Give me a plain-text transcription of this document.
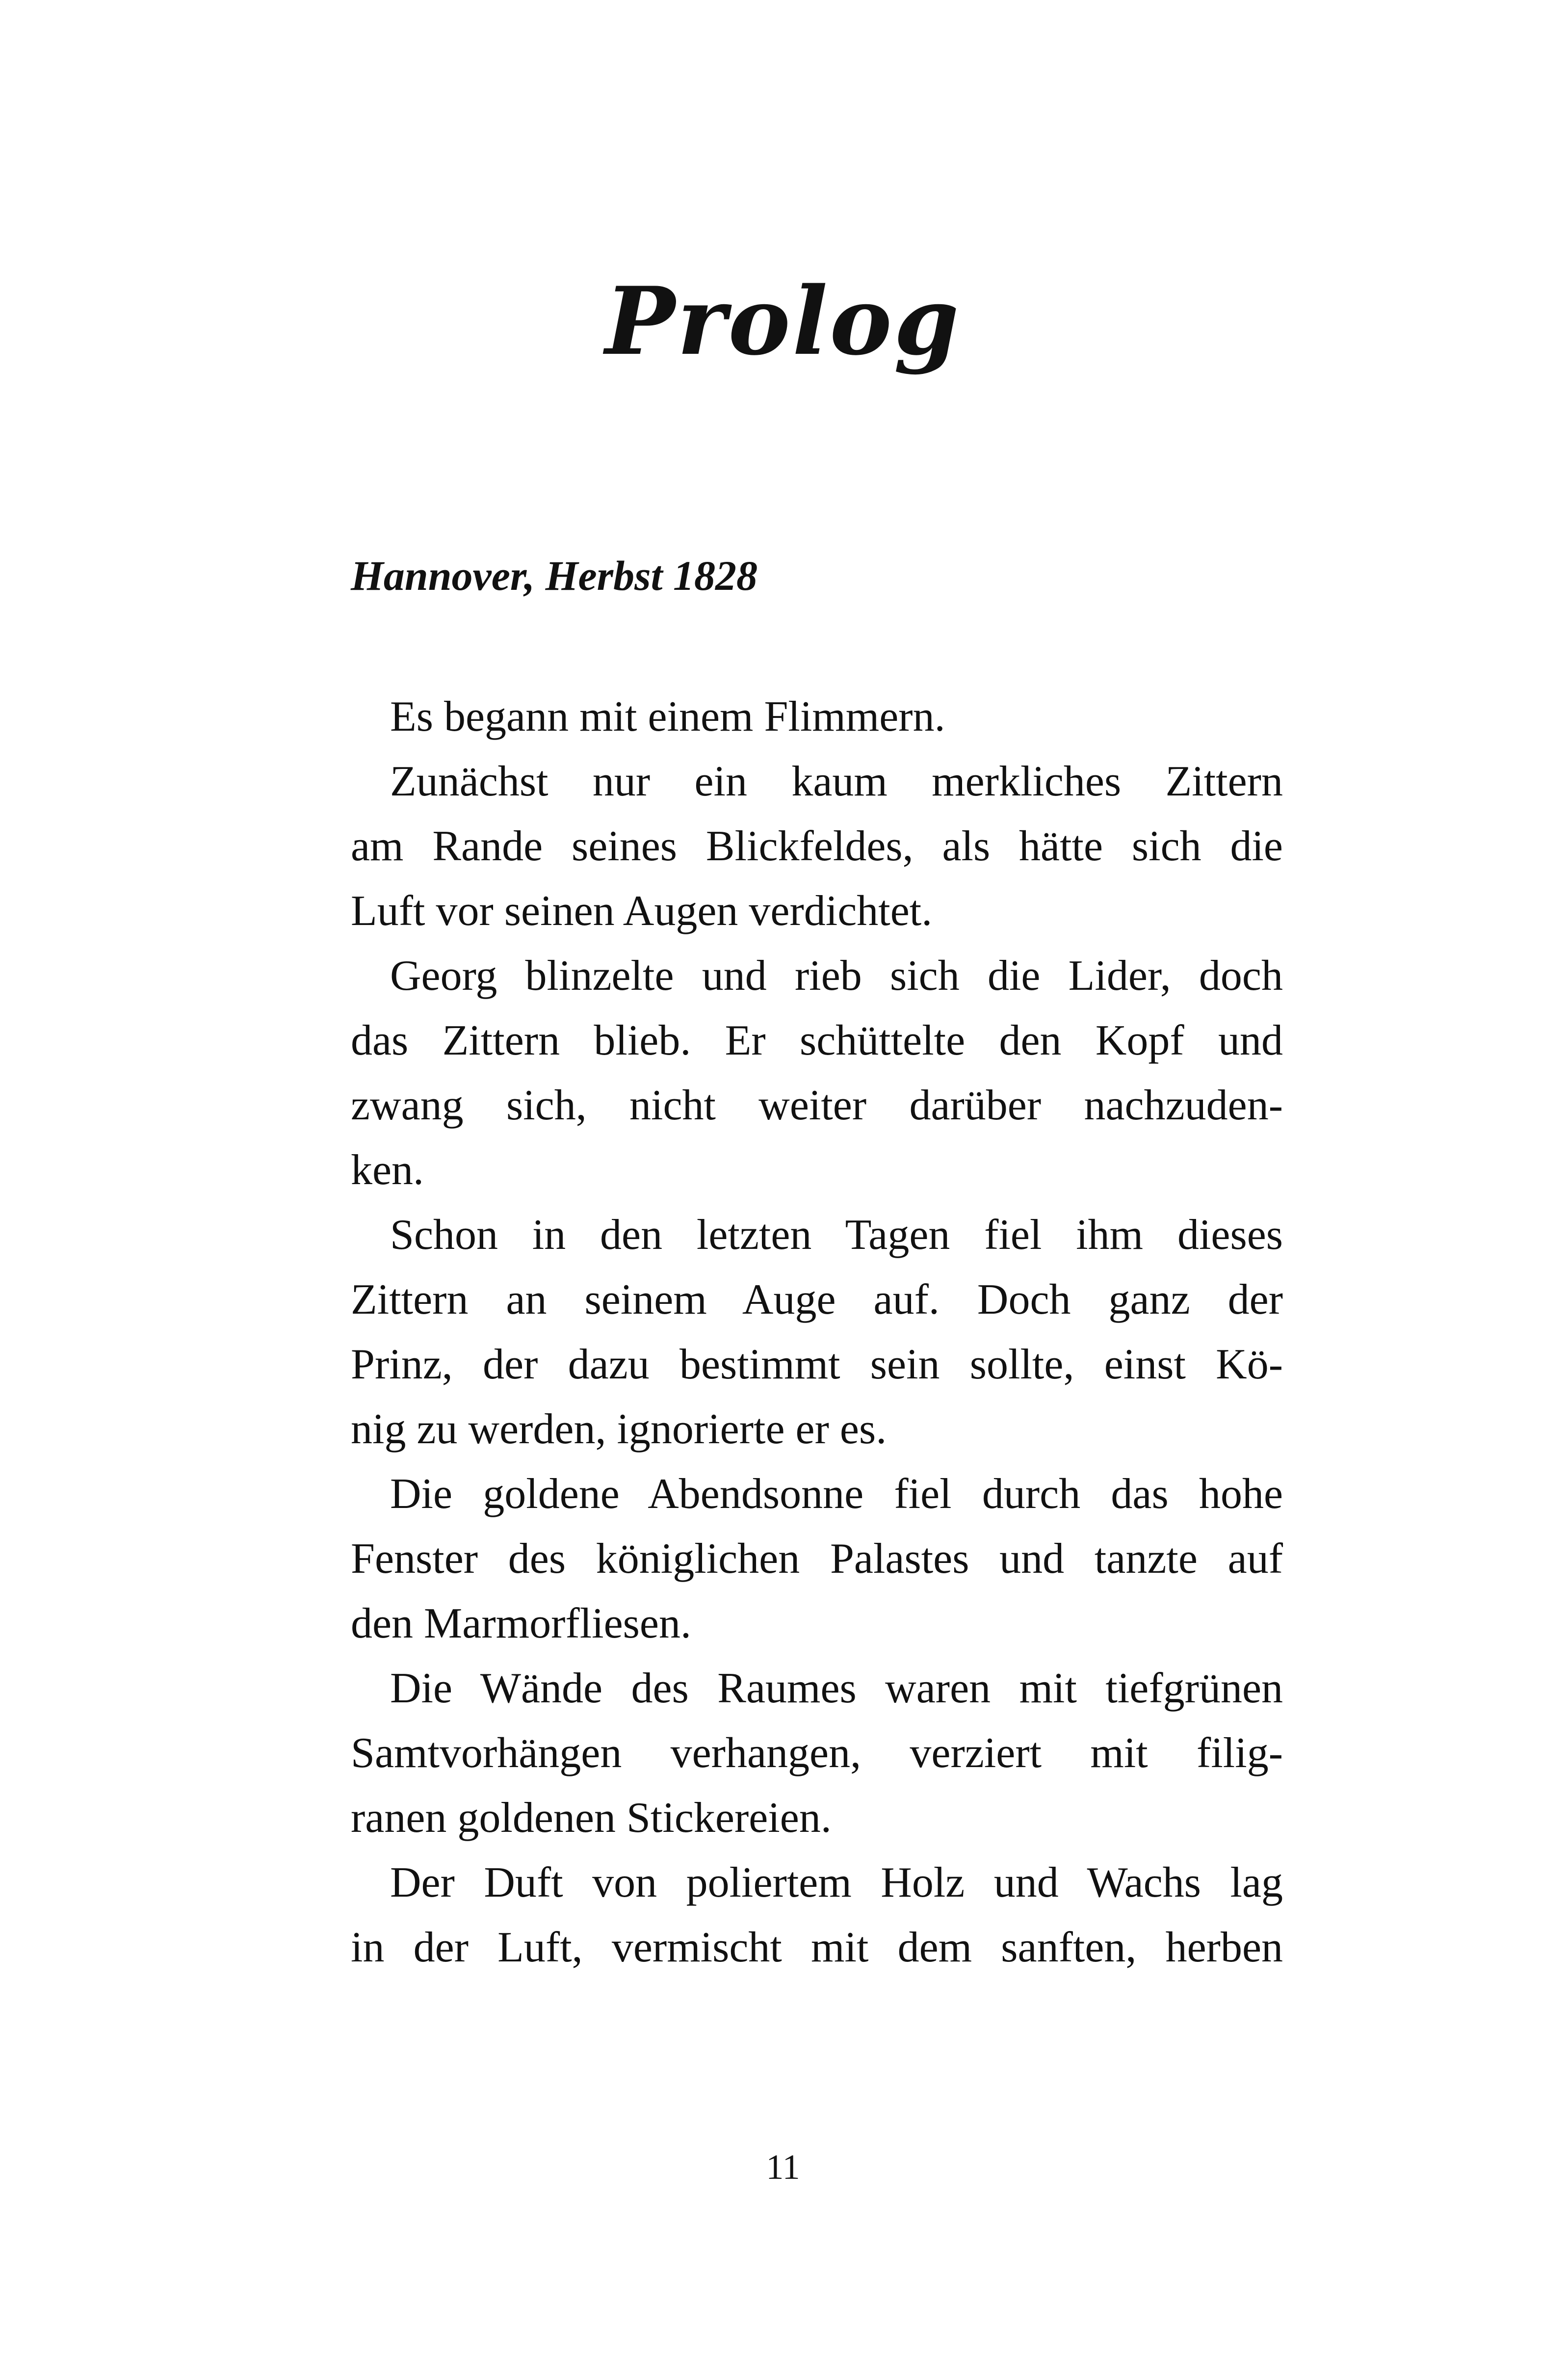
Prolog
Hannover, Herbst 1828
Es begann mit einem Flimmern.
Zunächst nur ein kaum merkliches Zittern
am Rande seines Blickfeldes, als hätte sich die
Luft vor seinen Augen verdichtet.
Georg blinzelte und rieb sich die Lider, doch
das Zittern blieb. Er schüttelte den Kopf und
zwang sich, nicht weiter darüber nachzuden-
ken.
Schon in den letzten Tagen fiel ihm dieses
Zittern an seinem Auge auf. Doch ganz der
Prinz, der dazu bestimmt sein sollte, einst Kö-
nig zu werden, ignorierte er es.
Die goldene Abendsonne fiel durch das hohe
Fenster des königlichen Palastes und tanzte auf
den Marmorfliesen.
Die Wände des Raumes waren mit tiefgrünen
Samtvorhängen verhangen, verziert mit filig-
ranen goldenen Stickereien.
Der Duft von poliertem Holz und Wachs lag
in der Luft, vermischt mit dem sanften, herben
11
